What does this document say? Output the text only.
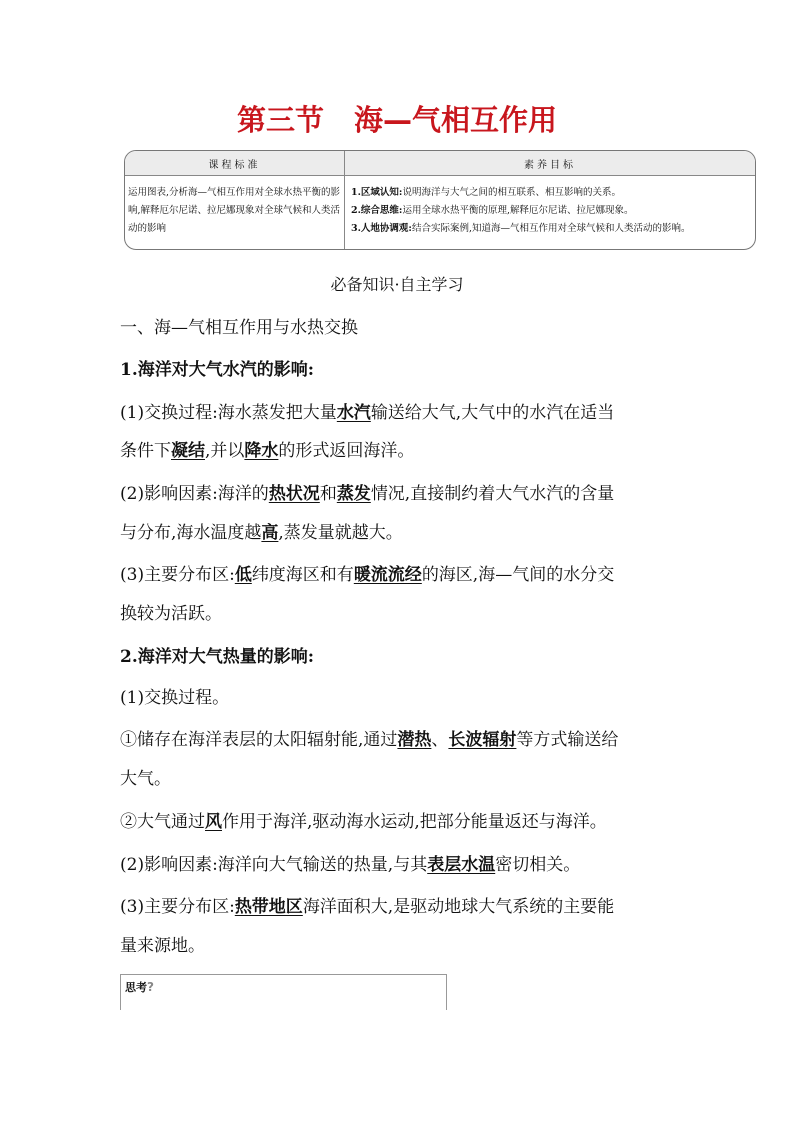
第三节 海—气相互作用
课程标准	素养目标
运用图表,分析海—气相互作用对全球水热平衡的影响,解释厄尔尼诺、拉尼娜现象对全球气候和人类活动的影响
1.区域认知:说明海洋与大气之间的相互联系、相互影响的关系。
2.综合思维:运用全球水热平衡的原理,解释厄尔尼诺、拉尼娜现象。
3.人地协调观:结合实际案例,知道海—气相互作用对全球气候和人类活动的影响。
必备知识·自主学习
一、海—气相互作用与水热交换
1.海洋对大气水汽的影响:
(1)交换过程:海水蒸发把大量水汽输送给大气,大气中的水汽在适当
条件下凝结,并以降水的形式返回海洋。
(2)影响因素:海洋的热状况和蒸发情况,直接制约着大气水汽的含量
与分布,海水温度越高,蒸发量就越大。
(3)主要分布区:低纬度海区和有暖流流经的海区,海—气间的水分交
换较为活跃。
2.海洋对大气热量的影响:
(1)交换过程。
①储存在海洋表层的太阳辐射能,通过潜热、长波辐射等方式输送给
大气。
②大气通过风作用于海洋,驱动海水运动,把部分能量返还与海洋。
(2)影响因素:海洋向大气输送的热量,与其表层水温密切相关。
(3)主要分布区:热带地区海洋面积大,是驱动地球大气系统的主要能
量来源地。
思考?
